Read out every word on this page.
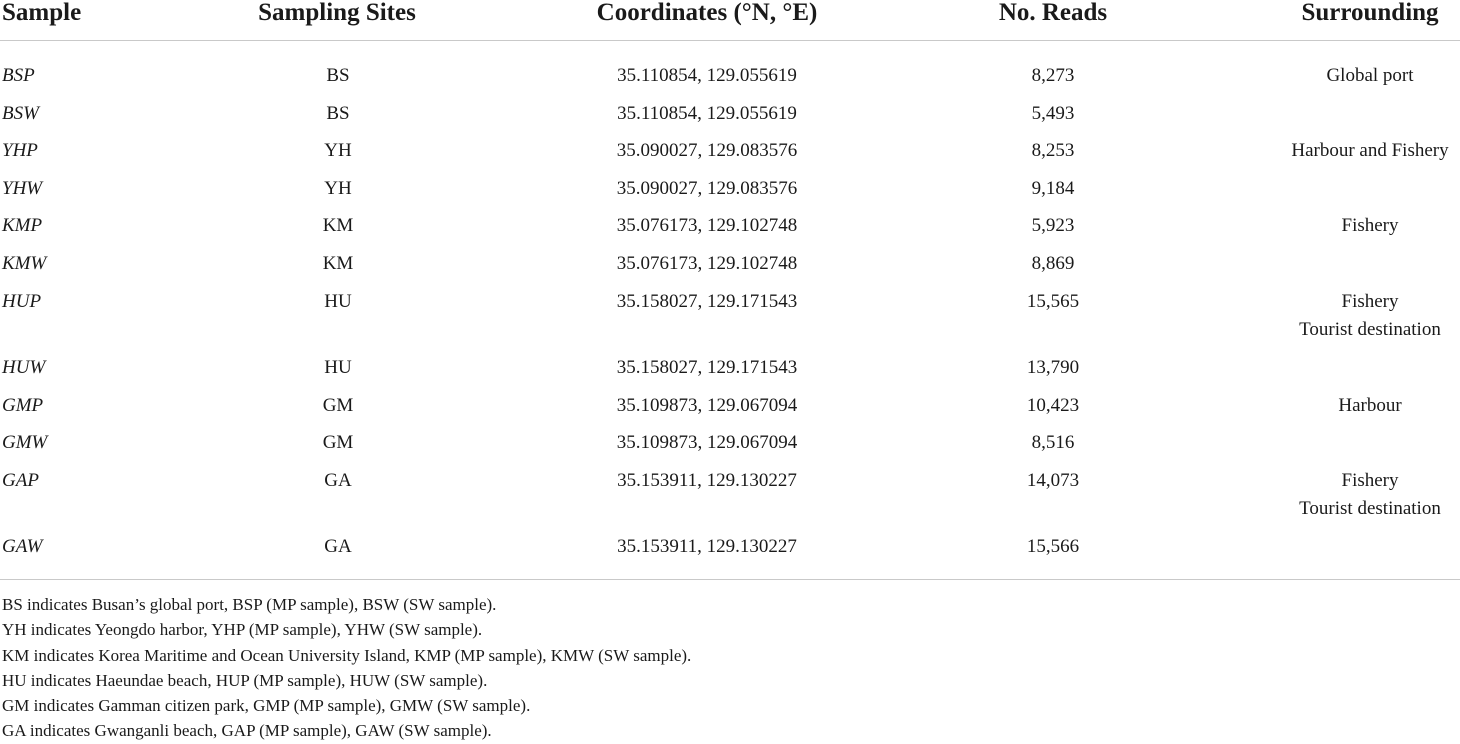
Sample	Sampling Sites	Coordinates (°N, °E)	No. Reads	Surrounding
BSP	BS	35.110854, 129.055619	8,273	Global port
BSW	BS	35.110854, 129.055619	5,493
YHP	YH	35.090027, 129.083576	8,253	Harbour and Fishery
YHW	YH	35.090027, 129.083576	9,184
KMP	KM	35.076173, 129.102748	5,923	Fishery
KMW	KM	35.076173, 129.102748	8,869
HUP	HU	35.158027, 129.171543	15,565	Fishery
Tourist destination
HUW	HU	35.158027, 129.171543	13,790
GMP	GM	35.109873, 129.067094	10,423	Harbour
GMW	GM	35.109873, 129.067094	8,516
GAP	GA	35.153911, 129.130227	14,073	Fishery
Tourist destination
GAW	GA	35.153911, 129.130227	15,566
BS indicates Busan’s global port, BSP (MP sample), BSW (SW sample).
YH indicates Yeongdo harbor, YHP (MP sample), YHW (SW sample).
KM indicates Korea Maritime and Ocean University Island, KMP (MP sample), KMW (SW sample).
HU indicates Haeundae beach, HUP (MP sample), HUW (SW sample).
GM indicates Gamman citizen park, GMP (MP sample), GMW (SW sample).
GA indicates Gwanganli beach, GAP (MP sample), GAW (SW sample).
